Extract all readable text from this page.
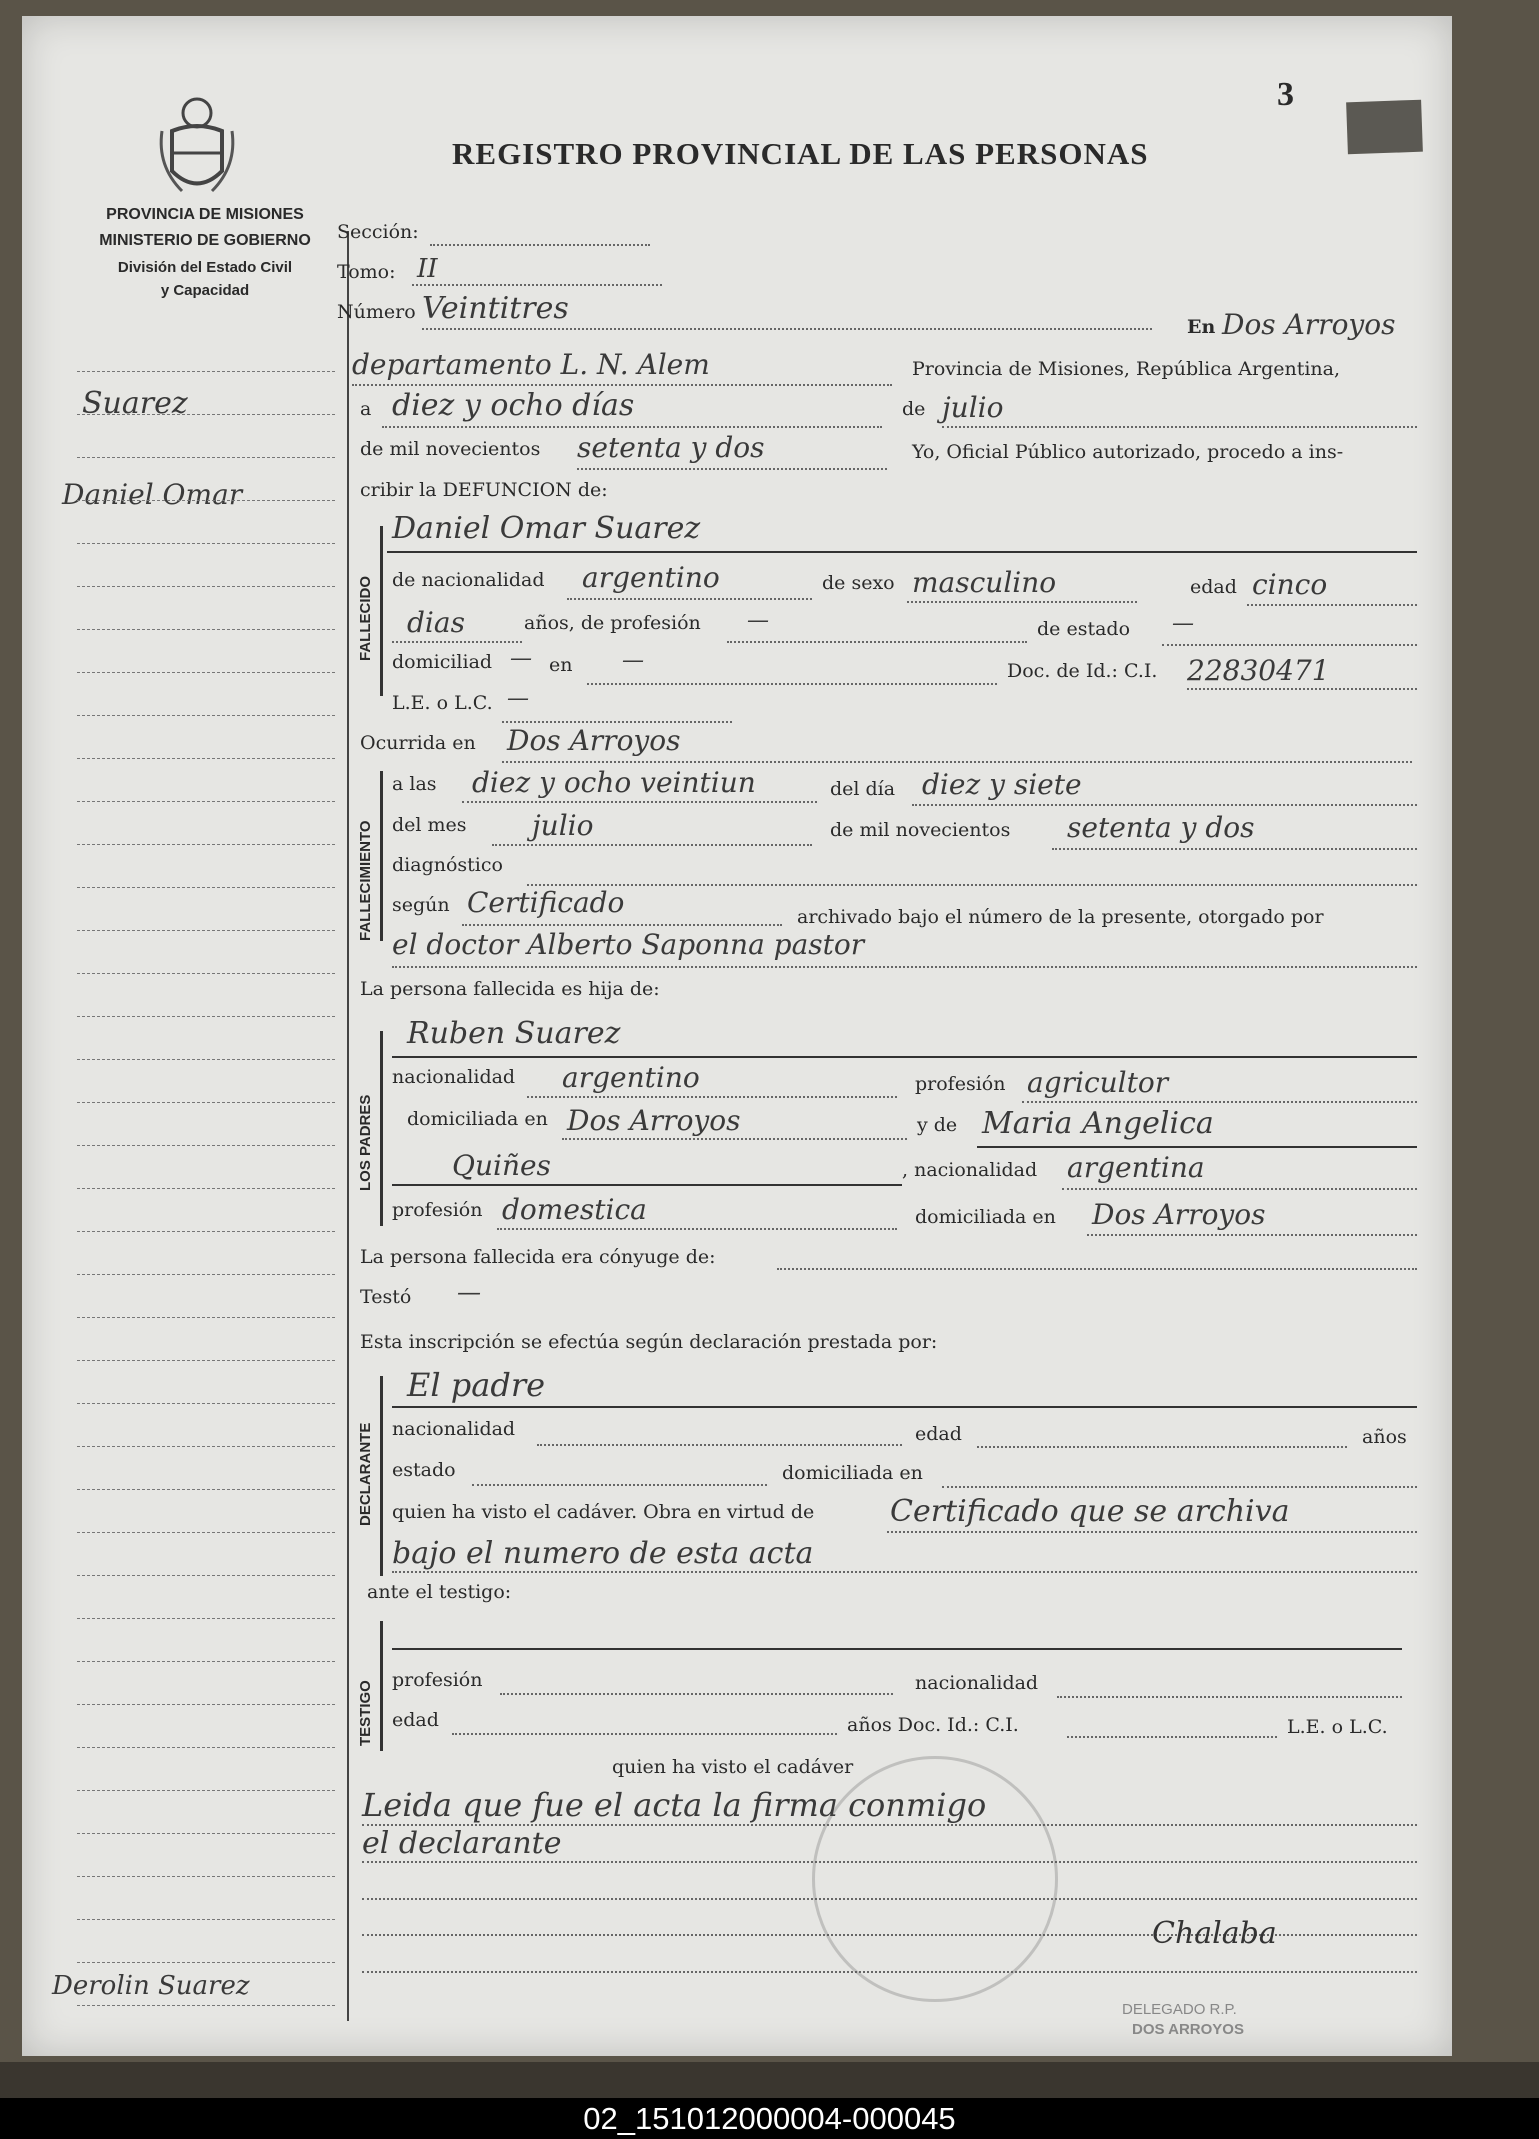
3
REGISTRO PROVINCIAL DE LAS PERSONAS
PROVINCIA DE MISIONES
MINISTERIO DE GOBIERNO
División del Estado Civil
y Capacidad
Suarez
Daniel Omar
Derolin Suarez
Sección:
Tomo: II
Número Veintitres
En Dos Arroyos
departamento L. N. Alem	Provincia de Misiones, República Argentina,
a diez y ocho días	de julio
de mil novecientos setenta y dos	Yo, Oficial Público autorizado, procedo a ins-
cribir la DEFUNCION de:
FALLECIDO
Daniel Omar Suarez
de nacionalidad argentino	de sexo masculino	edad cinco
dias	años, de profesión —	de estado —
domiciliad — en —	Doc. de Id.: C.I. 22830471
L.E. o L.C. —
Ocurrida en Dos Arroyos
FALLECIMIENTO
a las diez y ocho veintiun	del día diez y siete
del mes julio	de mil novecientos setenta y dos
diagnóstico
según Certificado	archivado bajo el número de la presente, otorgado por
el doctor Alberto Saponna pastor
La persona fallecida es hija de:
LOS PADRES
Ruben Suarez
nacionalidad argentino	profesión agricultor
domiciliada en Dos Arroyos	y de Maria Angelica
Quiñes	, nacionalidad argentina
profesión domestica	domiciliada en Dos Arroyos
La persona fallecida era cónyuge de:
Testó —
Esta inscripción se efectúa según declaración prestada por:
DECLARANTE
El padre
nacionalidad	edad	años
estado	domiciliada en
quien ha visto el cadáver. Obra en virtud de	Certificado que se archiva
bajo el numero de esta acta
ante el testigo:
TESTIGO
profesión	nacionalidad
edad	años Doc. Id.: C.I.	L.E. o L.C.
quien ha visto el cadáver
Leida que fue el acta la firma conmigo
el declarante
Chalaba
DELEGADO R.P.
DOS ARROYOS
02_151012000004-000045
